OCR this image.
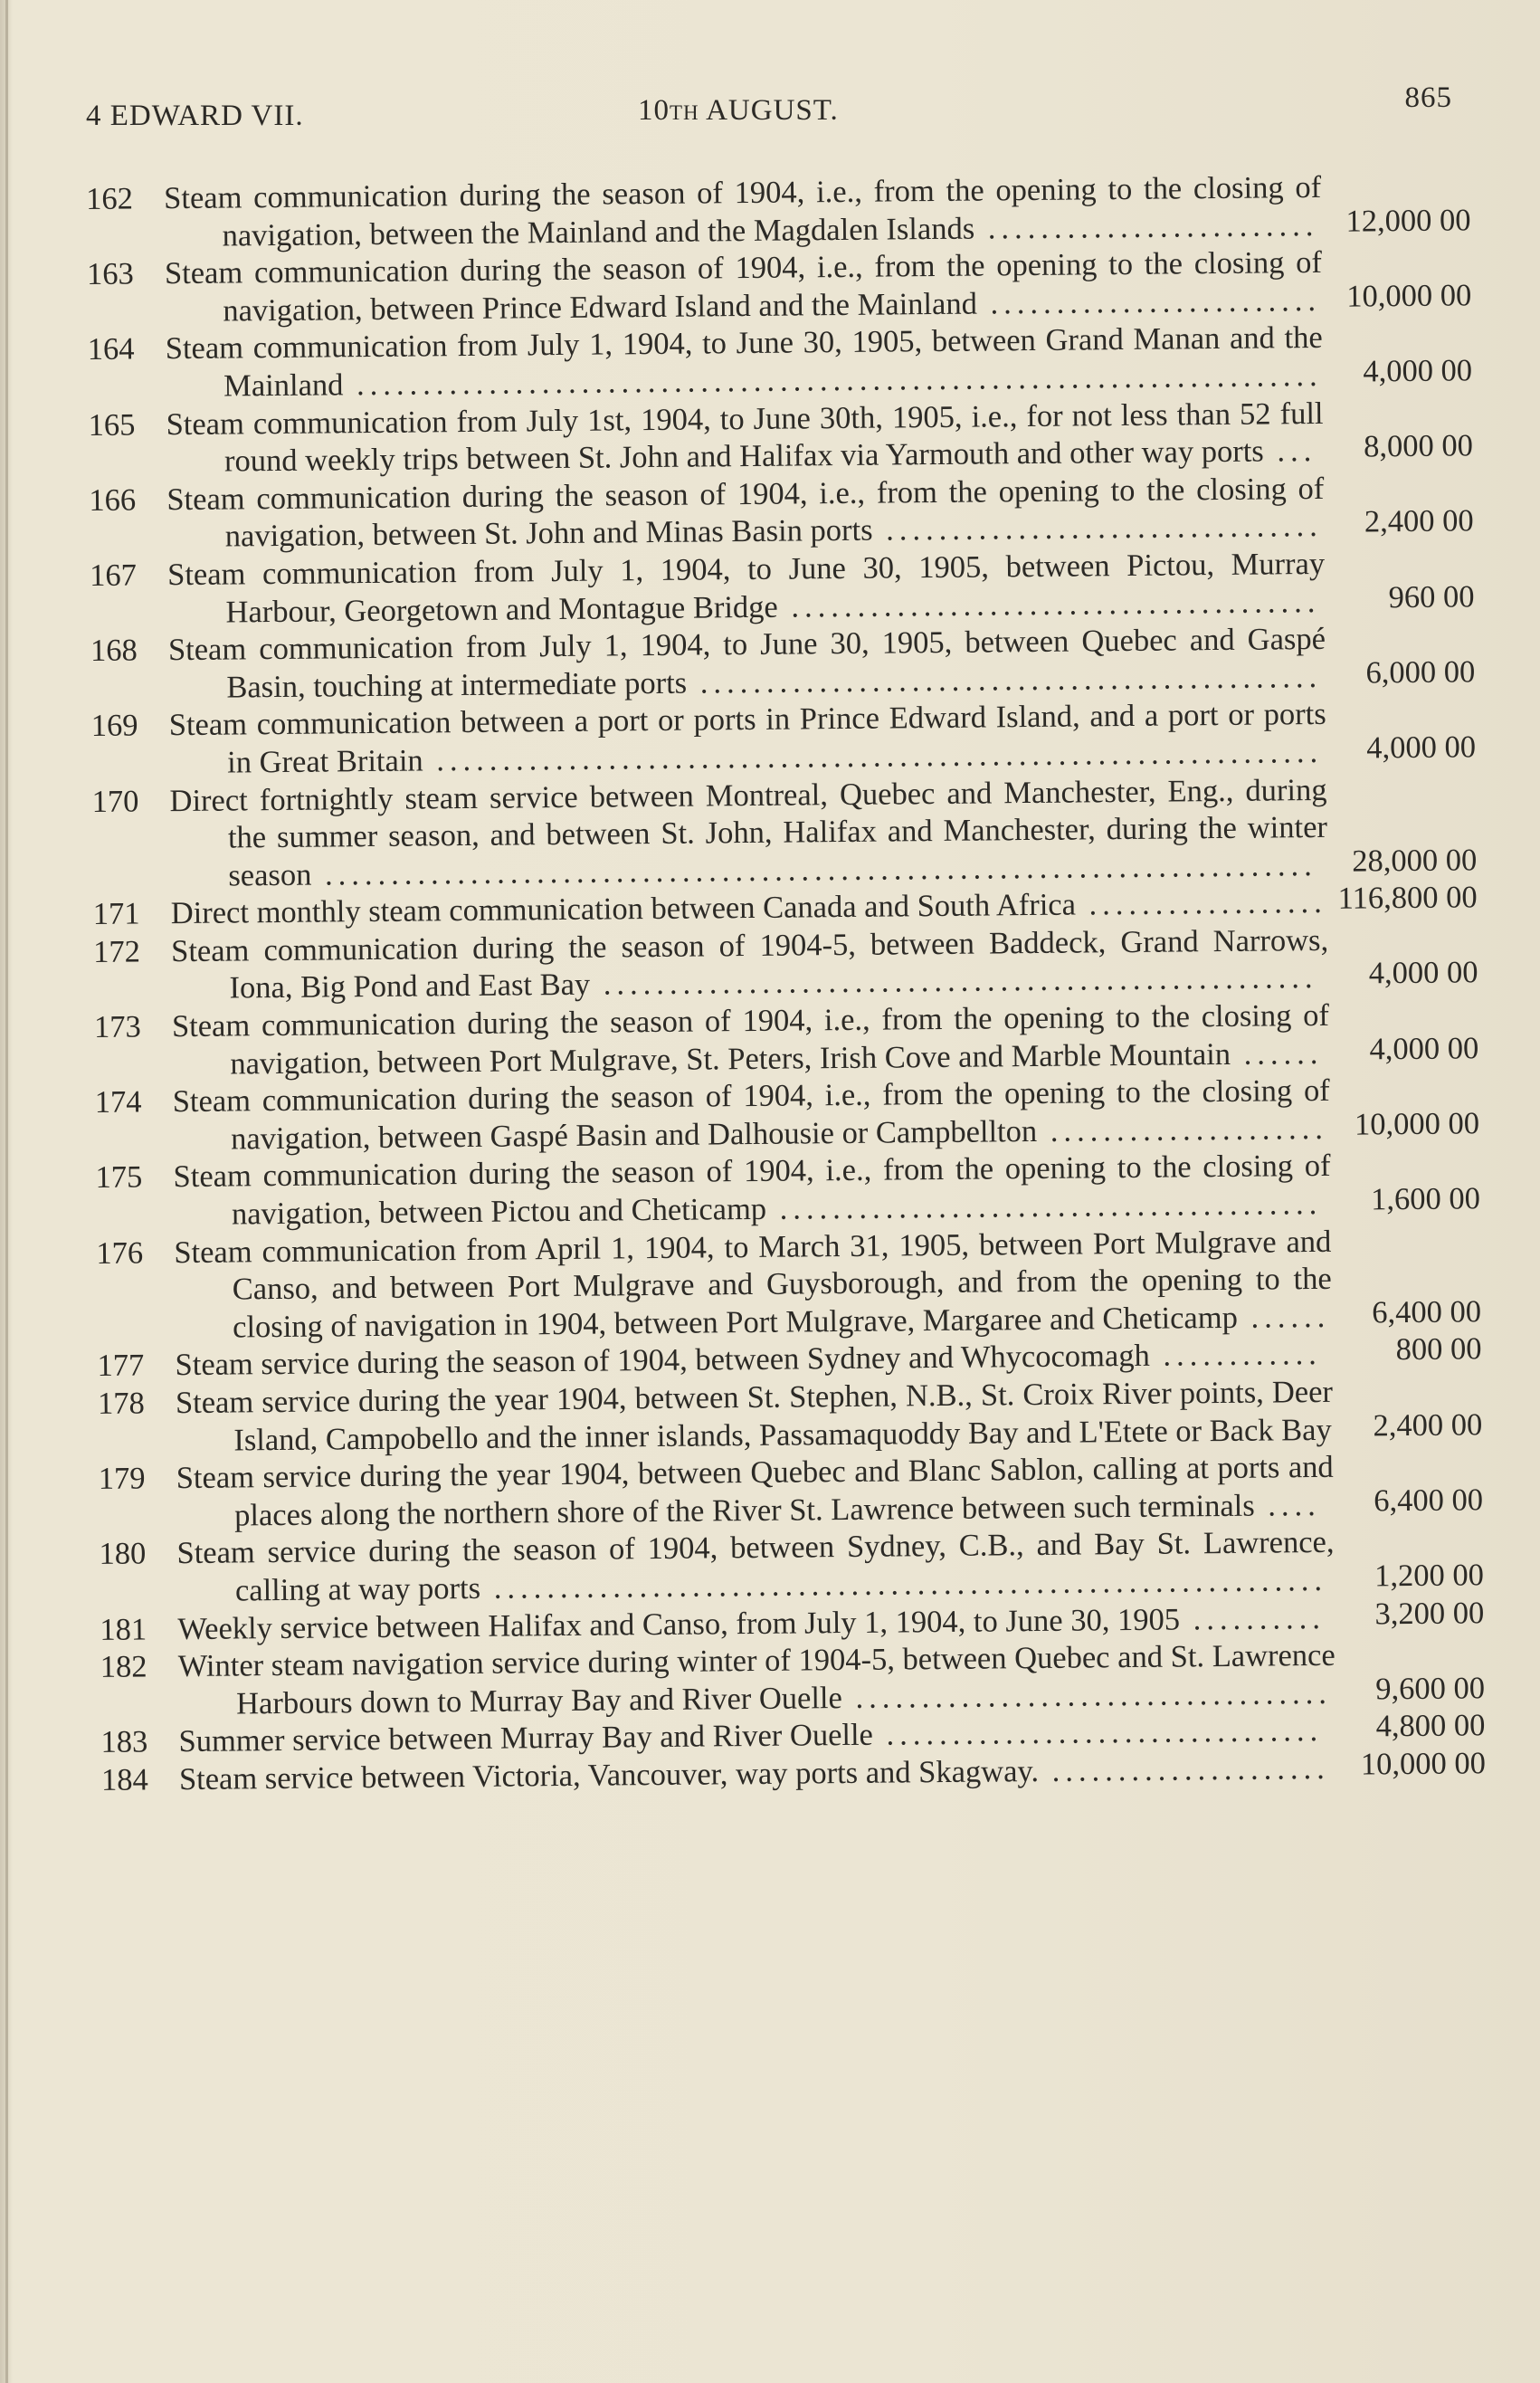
4 EDWARD VII.	10th AUGUST.	865
162 Steam communication during the season of 1904, i.e., from the opening to the closing of navigation, between the Mainland and the Magdalen Islands ......................... 12,000 00
163 Steam communication during the season of 1904, i.e., from the opening to the closing of navigation, between Prince Edward Island and the Mainland ......................... 10,000 00
164 Steam communication from July 1, 1904, to June 30, 1905, between Grand Manan and the Mainland .........................................................................	4,000 00
165 Steam communication from July 1st, 1904, to June 30th, 1905, i.e., for not less than 52 full round weekly trips between St. John and Halifax via Yarmouth and other way ports ...	8,000 00
166 Steam communication during the season of 1904, i.e., from the opening to the closing of navigation, between St. John and Minas Basin ports .................................	2,400 00
167 Steam communication from July 1, 1904, to June 30, 1905, between Pictou, Murray Harbour, Georgetown and Montague Bridge ........................................	960 00
168 Steam communication from July 1, 1904, to June 30, 1905, between Quebec and Gaspé Basin, touching at intermediate ports ...............................................	6,000 00
169 Steam communication between a port or ports in Prince Edward Island, and a port or ports in Great Britain ...................................................................	4,000 00
170 Direct fortnightly steam service between Montreal, Quebec and Manchester, Eng., during the summer season, and between St. John, Halifax and Manchester, during the winter season ...........................................................................	28,000 00
171 Direct monthly steam communication between Canada and South Africa .................. 116,800 00
172 Steam communication during the season of 1904-5, between Baddeck, Grand Narrows, Iona, Big Pond and East Bay ......................................................	4,000 00
173 Steam communication during the season of 1904, i.e., from the opening to the closing of navigation, between Port Mulgrave, St. Peters, Irish Cove and Marble Mountain ......	4,000 00
174 Steam communication during the season of 1904, i.e., from the opening to the closing of navigation, between Gaspé Basin and Dalhousie or Campbellton ..................... 10,000 00
175 Steam communication during the season of 1904, i.e., from the opening to the closing of navigation, between Pictou and Cheticamp .........................................	1,600 00
176 Steam communication from April 1, 1904, to March 31, 1905, between Port Mulgrave and Canso, and between Port Mulgrave and Guysborough, and from the opening to the closing of navigation in 1904, between Port Mulgrave, Margaree and Cheticamp ......	6,400 00
177 Steam service during the season of 1904, between Sydney and Whycocomagh ............	800 00
178 Steam service during the year 1904, between St. Stephen, N.B., St. Croix River points, Deer Island, Campobello and the inner islands, Passamaquoddy Bay and L'Etete or Back Bay	2,400 00
179 Steam service during the year 1904, between Quebec and Blanc Sablon, calling at ports and places along the northern shore of the River St. Lawrence between such terminals ....	6,400 00
180 Steam service during the season of 1904, between Sydney, C.B., and Bay St. Lawrence, calling at way ports ...............................................................	1,200 00
181 Weekly service between Halifax and Canso, from July 1, 1904, to June 30, 1905 ..........	3,200 00
182 Winter steam navigation service during winter of 1904-5, between Quebec and St. Lawrence Harbours down to Murray Bay and River Ouelle ....................................	9,600 00
183 Summer service between Murray Bay and River Ouelle .................................	4,800 00
184 Steam service between Victoria, Vancouver, way ports and Skagway. ..................... 10,000 00
